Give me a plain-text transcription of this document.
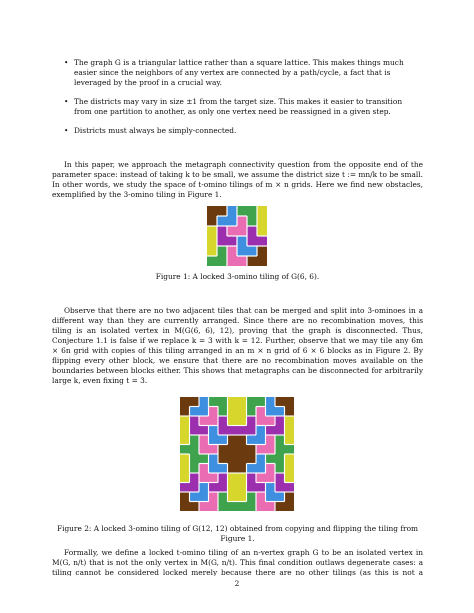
• The graph G is a triangular lattice rather than a square lattice. This makes things much easier since the neighbors of any vertex are connected by a path/cycle, a fact that is leveraged by the proof in a crucial way.
• The districts may vary in size ±1 from the target size. This makes it easier to transition from one partition to another, as only one vertex need be reassigned in a given step.
• Districts must always be simply-connected.
In this paper, we approach the metagraph connectivity question from the opposite end of the parameter space: instead of taking k to be small, we assume the district size t := mn/k to be small. In other words, we study the space of t-omino tilings of m × n grids. Here we find new obstacles, exemplified by the 3-omino tiling in Figure 1.
Figure 1: A locked 3-omino tiling of G(6, 6).
Observe that there are no two adjacent tiles that can be merged and split into 3-ominoes in a different way than they are currently arranged. Since there are no recombination moves, this tiling is an isolated vertex in M(G(6, 6), 12), proving that the graph is disconnected. Thus, Conjecture 1.1 is false if we replace k = 3 with k = 12. Further, observe that we may tile any 6m × 6n grid with copies of this tiling arranged in an m × n grid of 6 × 6 blocks as in Figure 2. By flipping every other block, we ensure that there are no recombination moves available on the boundaries between blocks either. This shows that metagraphs can be disconnected for arbitrarily large k, even fixing t = 3.
Figure 2: A locked 3-omino tiling of G(12, 12) obtained from copying and flipping the tiling from Figure 1.
Formally, we define a locked t-omino tiling of an n-vertex graph G to be an isolated vertex in M(G, n/t) that is not the only vertex in M(G, n/t). This final condition outlaws degenerate cases: a tiling cannot be considered locked merely because there are no other tilings (as this is not a
2
